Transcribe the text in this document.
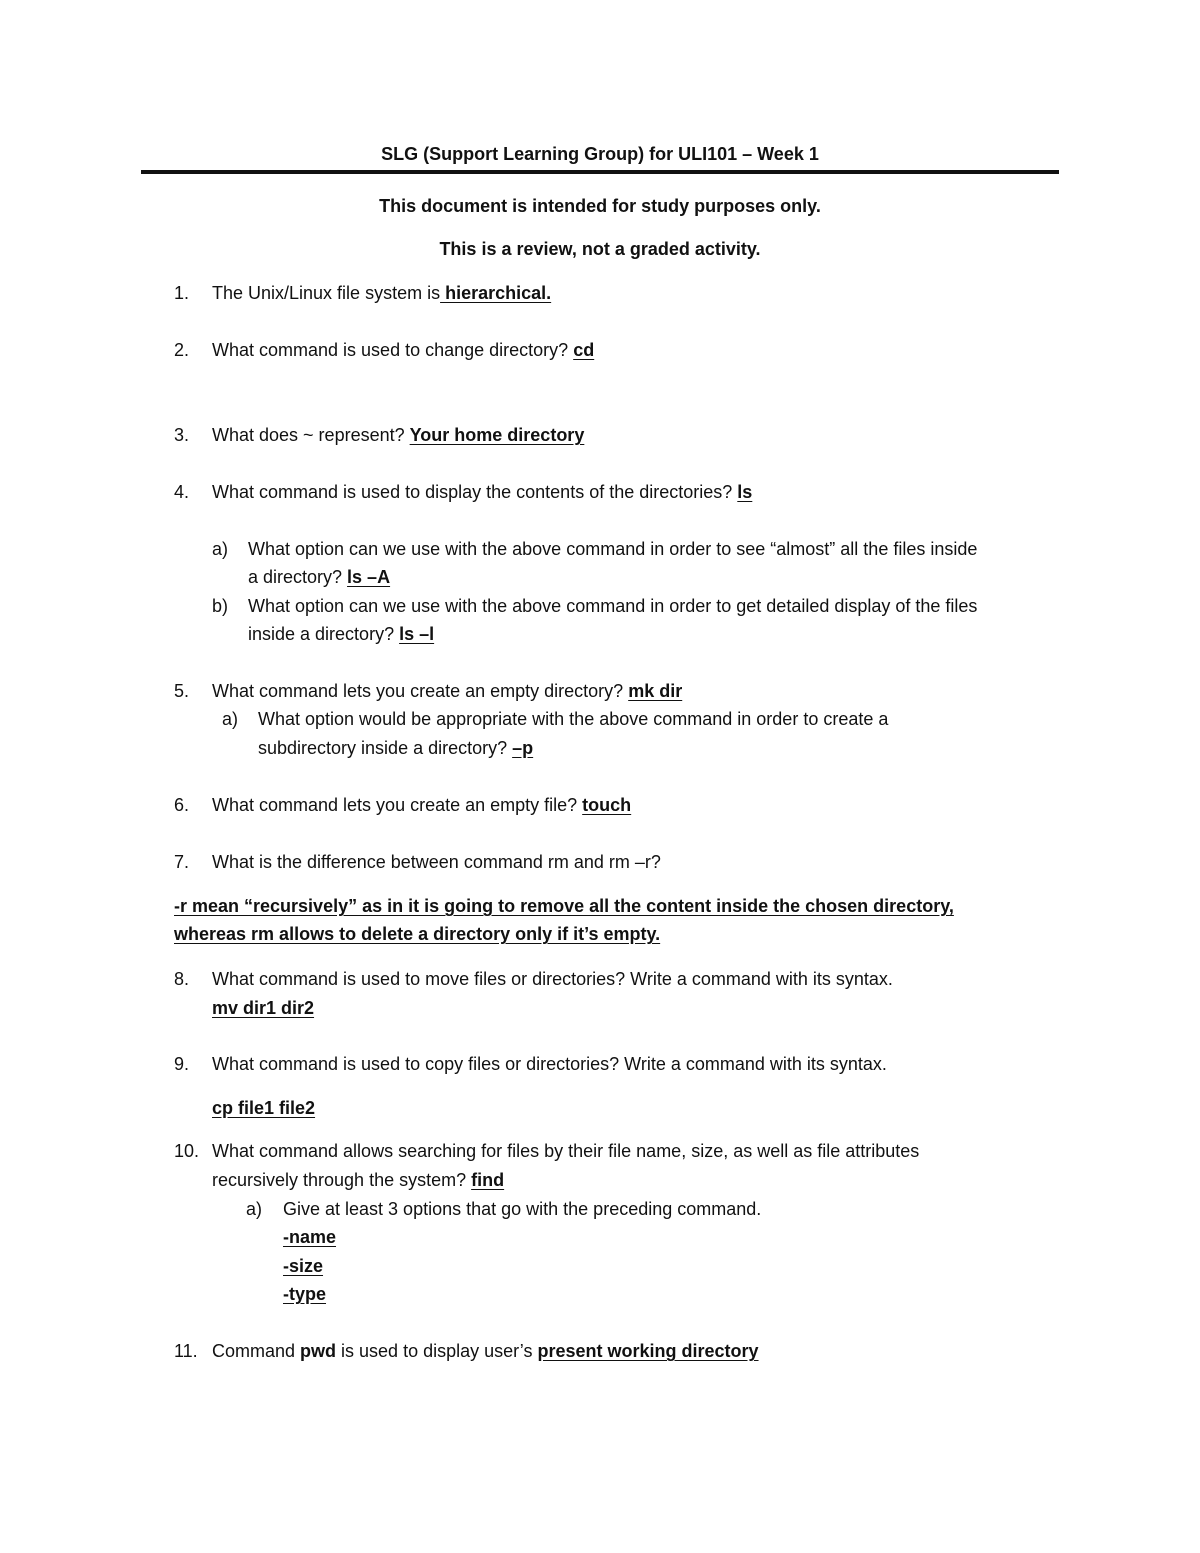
SLG (Support Learning Group) for ULI101 – Week 1
This document is intended for study purposes only.
This is a review, not a graded activity.
1. The Unix/Linux file system is hierarchical.
2. What command is used to change directory? cd
3. What does ~ represent? Your home directory
4. What command is used to display the contents of the directories? ls
a) What option can we use with the above command in order to see “almost” all the files inside
a directory? ls –A
b) What option can we use with the above command in order to get detailed display of the files
inside a directory? ls –l
5. What command lets you create an empty directory? mk dir
a) What option would be appropriate with the above command in order to create a
subdirectory inside a directory? –p
6. What command lets you create an empty file? touch
7. What is the difference between command rm and rm –r?
-r mean “recursively” as in it is going to remove all the content inside the chosen directory,
whereas rm allows to delete a directory only if it’s empty.
8. What command is used to move files or directories? Write a command with its syntax.
mv dir1 dir2
9. What command is used to copy files or directories? Write a command with its syntax.
cp file1 file2
10. What command allows searching for files by their file name, size, as well as file attributes
recursively through the system? find
a) Give at least 3 options that go with the preceding command.
-name
-size
-type
11. Command pwd is used to display user’s present working directory
